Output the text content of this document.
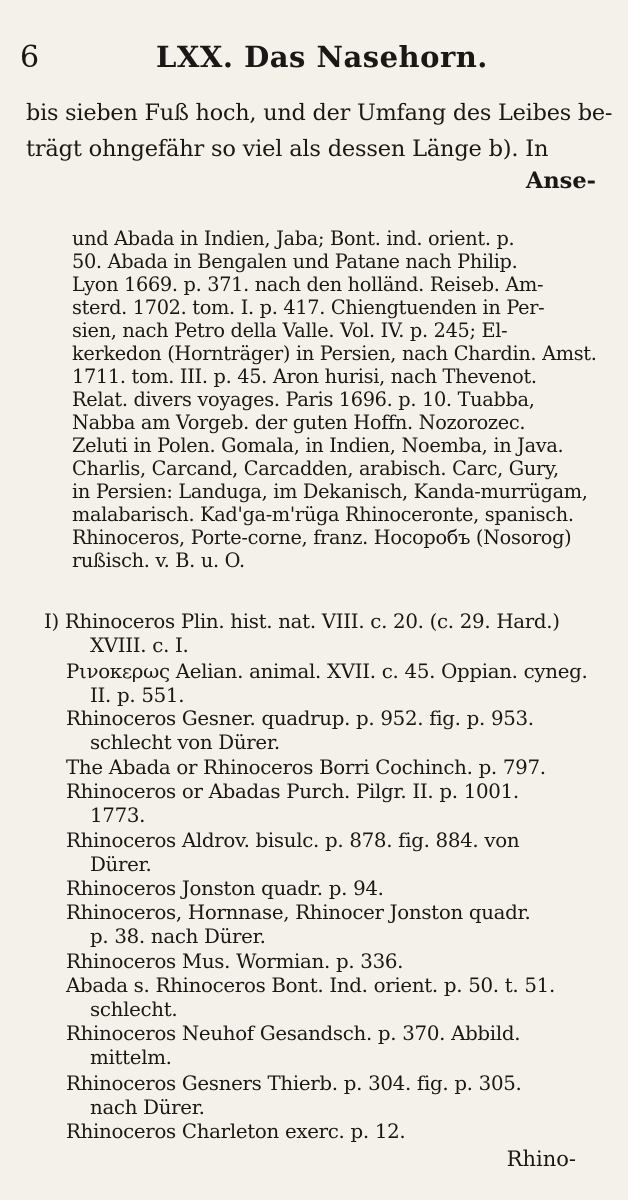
6	LXX. Das Nasehorn.
bis sieben Fuß hoch, und der Umfang des Leibes be-
trägt ohngefähr so viel als dessen Länge b). In
Anse-
und Abada in Indien, Jaba; Bont. ind. orient. p.
50. Abada in Bengalen und Patane nach Philip.
Lyon 1669. p. 371. nach den holländ. Reiseb. Am-
sterd. 1702. tom. I. p. 417. Chiengtuenden in Per-
sien, nach Petro della Valle. Vol. IV. p. 245; El-
kerkedon (Hornträger) in Persien, nach Chardin. Amst.
1711. tom. III. p. 45. Aron hurisi, nach Thevenot.
Relat. divers voyages. Paris 1696. p. 10. Tuabba,
Nabba am Vorgeb. der guten Hoffn. Nozorozec.
Zeluti in Polen. Gomala, in Indien, Noemba, in Java.
Charlis, Carcand, Carcadden, arabisch. Carc, Gury,
in Persien: Landuga, im Dekanisch, Kanda-murrügam,
malabarisch. Kad'ga-m'rüga Rhinoceronte, spanisch.
Rhinoceros, Porte-corne, franz. Носоробъ (Nosorog)
rußisch. v. B. u. O.
I) Rhinoceros Plin. hist. nat. VIII. c. 20. (c. 29. Hard.)
XVIII. c. I.
Ρινοκερως Aelian. animal. XVII. c. 45. Oppian. cyneg.
II. p. 551.
Rhinoceros Gesner. quadrup. p. 952. fig. p. 953.
schlecht von Dürer.
The Abada or Rhinoceros Borri Cochinch. p. 797.
Rhinoceros or Abadas Purch. Pilgr. II. p. 1001.
1773.
Rhinoceros Aldrov. bisulc. p. 878. fig. 884. von
Dürer.
Rhinoceros Jonston quadr. p. 94.
Rhinoceros, Hornnase, Rhinocer Jonston quadr.
p. 38. nach Dürer.
Rhinoceros Mus. Wormian. p. 336.
Abada s. Rhinoceros Bont. Ind. orient. p. 50. t. 51.
schlecht.
Rhinoceros Neuhof Gesandsch. p. 370. Abbild.
mittelm.
Rhinoceros Gesners Thierb. p. 304. fig. p. 305.
nach Dürer.
Rhinoceros Charleton exerc. p. 12.
Rhino-
